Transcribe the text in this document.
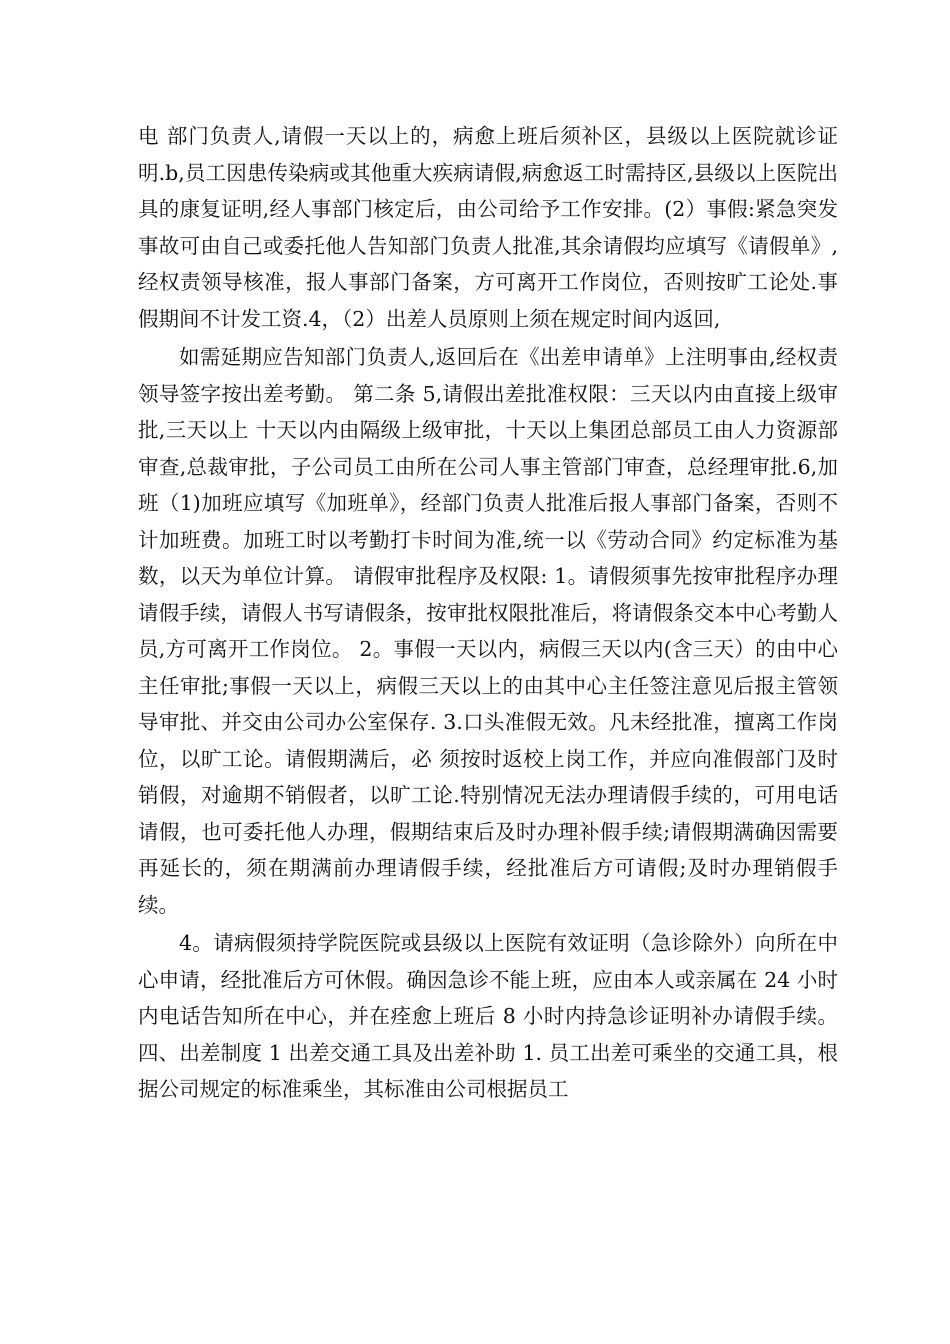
电 部门负责人,请假一天以上的，病愈上班后须补区，县级以上医院就诊证明.b,员工因患传染病或其他重大疾病请假,病愈返工时需持区,县级以上医院出具的康复证明,经人事部门核定后，由公司给予工作安排。(2）事假:紧急突发事故可由自己或委托他人告知部门负责人批准,其余请假均应填写《请假单》,经权责领导核准，报人事部门备案，方可离开工作岗位，否则按旷工论处.事假期间不计发工资.4，（2）出差人员原则上须在规定时间内返回,

如需延期应告知部门负责人,返回后在《出差申请单》上注明事由,经权责领导签字按出差考勤。 第二条 5,请假出差批准权限：三天以内由直接上级审批,三天以上 十天以内由隔级上级审批，十天以上集团总部员工由人力资源部审查,总裁审批，子公司员工由所在公司人事主管部门审查，总经理审批.6,加班（1)加班应填写《加班单》，经部门负责人批准后报人事部门备案，否则不计加班费。加班工时以考勤打卡时间为准,统一以《劳动合同》约定标准为基数，以天为单位计算。 请假审批程序及权限: 1。请假须事先按审批程序办理请假手续，请假人书写请假条，按审批权限批准后，将请假条交本中心考勤人员,方可离开工作岗位。 2。事假一天以内，病假三天以内(含三天）的由中心主任审批;事假一天以上，病假三天以上的由其中心主任签注意见后报主管领导审批、并交由公司办公室保存. 3.口头准假无效。凡未经批准，擅离工作岗位，以旷工论。请假期满后，必 须按时返校上岗工作，并应向准假部门及时销假，对逾期不销假者，以旷工论.特别情况无法办理请假手续的，可用电话请假，也可委托他人办理，假期结束后及时办理补假手续;请假期满确因需要再延长的，须在期满前办理请假手续，经批准后方可请假;及时办理销假手续。

4。请病假须持学院医院或县级以上医院有效证明（急诊除外）向所在中心申请，经批准后方可休假。确因急诊不能上班，应由本人或亲属在 24 小时内电话告知所在中心，并在痊愈上班后 8 小时内持急诊证明补办请假手续。 四、出差制度 1 出差交通工具及出差补助 1. 员工出差可乘坐的交通工具，根据公司规定的标准乘坐，其标准由公司根据员工
